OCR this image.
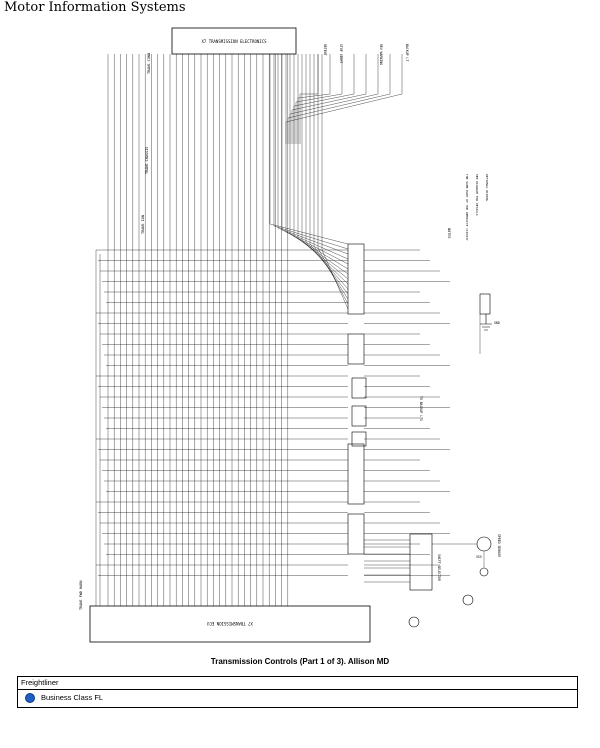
Motor Information Systems
X7 TRANSMISSION ELECTRONICS
X7 TRANSMISSION ECU
TRANS CONN
TRANS CHASSIS
TRANS IGN
TRANS FWD HARN
DETENT	STOP LIGHT	REV WARNING	BACKUP LT
TO BACKUP LTS
SHIFT SELECTOR
SPEED SENSOR
GND
VSS
NOTES	THE SAME PART OF THE OPPOSITE CIRCUIT SEE DIAGRAM FOR DETAILS OPTIONAL WIRING
Transmission Controls (Part 1 of 3). Allison MD
Freightliner
Business Class FL
